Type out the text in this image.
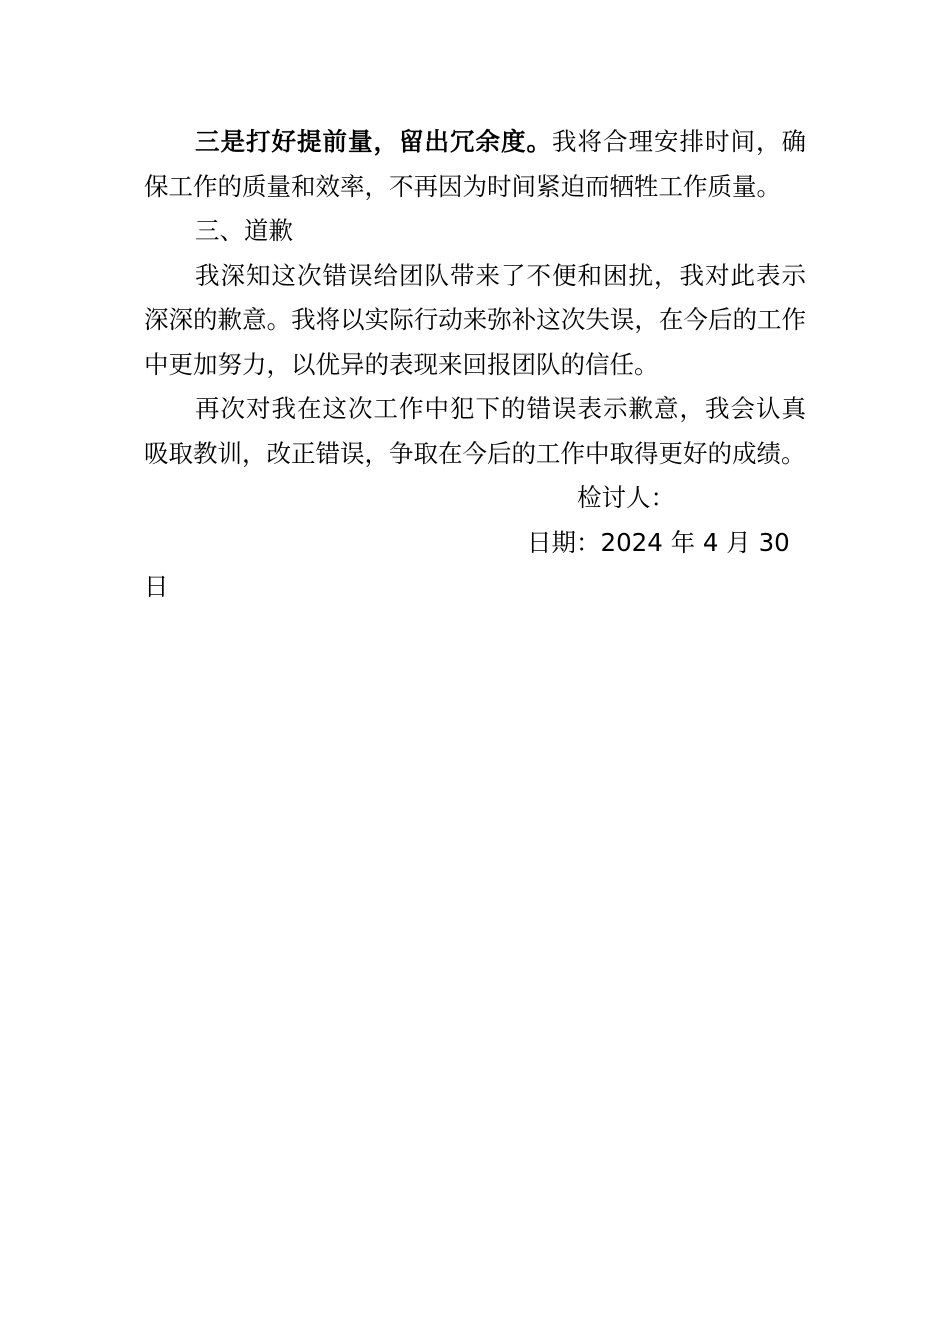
三是打好提前量，留出冗余度。我将合理安排时间，确保工作的质量和效率，不再因为时间紧迫而牺牲工作质量。

三、道歉

我深知这次错误给团队带来了不便和困扰，我对此表示深深的歉意。我将以实际行动来弥补这次失误，在今后的工作中更加努力，以优异的表现来回报团队的信任。

再次对我在这次工作中犯下的错误表示歉意，我会认真吸取教训，改正错误，争取在今后的工作中取得更好的成绩。

检讨人：

日期：2024 年 4 月 30 日
